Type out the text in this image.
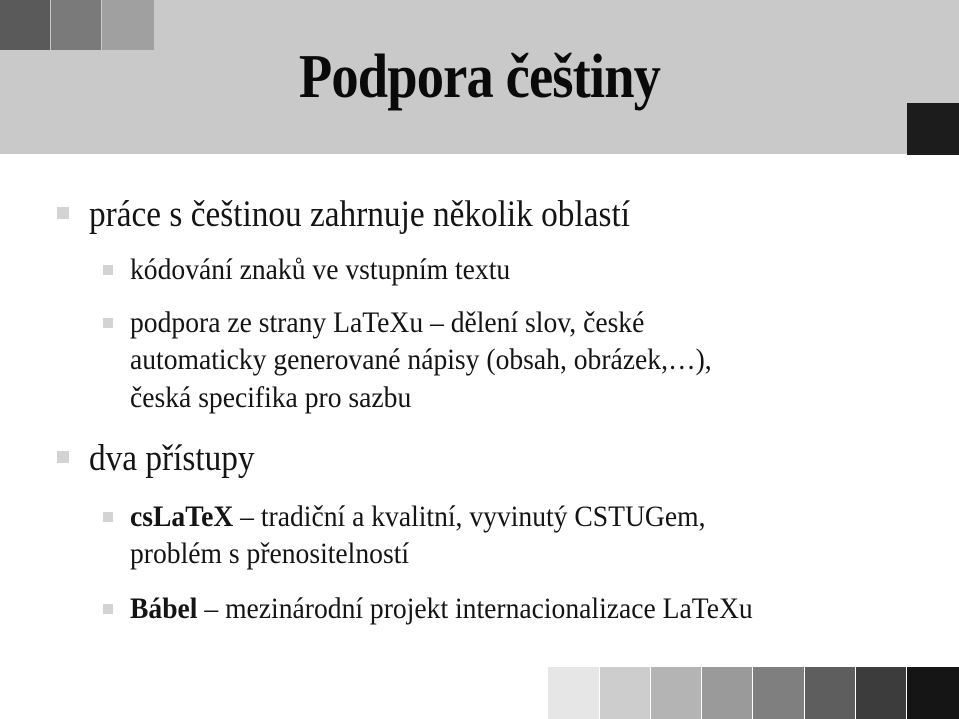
Podpora češtiny
práce s češtinou zahrnuje několik oblastí
kódování znaků ve vstupním textu
podpora ze strany LaTeXu – dělení slov, české
automaticky generované nápisy (obsah, obrázek,…),
česká specifika pro sazbu
dva přístupy
csLaTeX – tradiční a kvalitní, vyvinutý CSTUGem,
problém s přenositelností
Bábel – mezinárodní projekt internacionalizace LaTeXu
